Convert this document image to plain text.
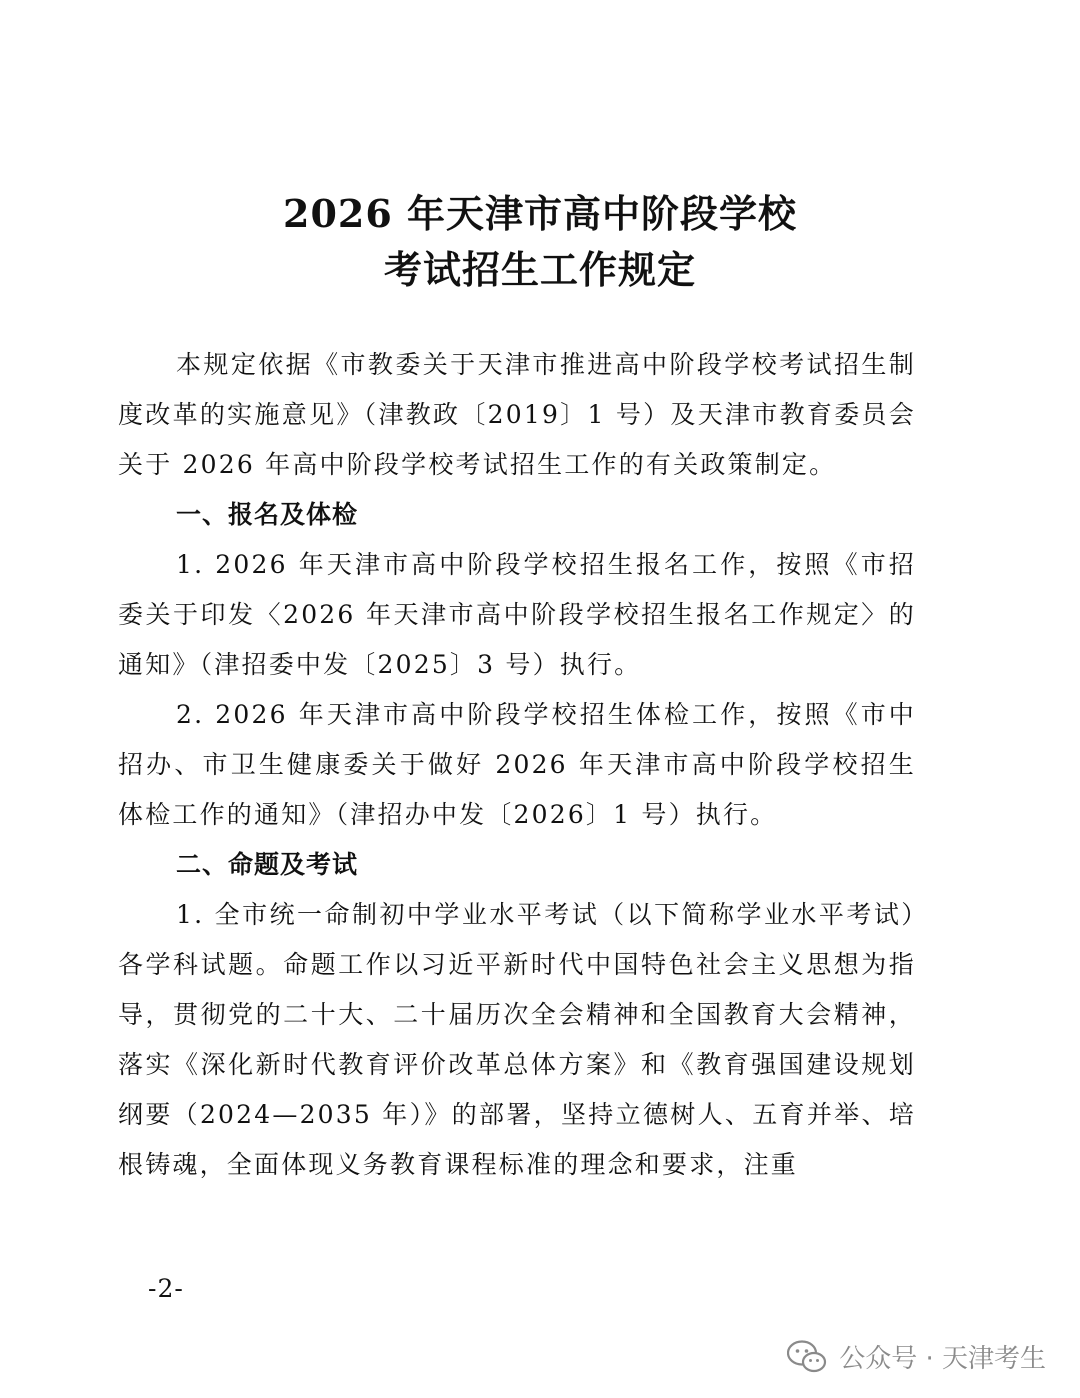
2026 年天津市高中阶段学校
考试招生工作规定

本规定依据《市教委关于天津市推进高中阶段学校考试招生制度改革的实施意见》（津教政〔2019〕1 号）及天津市教育委员会关于 2026 年高中阶段学校考试招生工作的有关政策制定。

一、报名及体检

1. 2026 年天津市高中阶段学校招生报名工作，按照《市招委关于印发〈2026 年天津市高中阶段学校招生报名工作规定〉的通知》（津招委中发〔2025〕3 号）执行。

2. 2026 年天津市高中阶段学校招生体检工作，按照《市中招办、市卫生健康委关于做好 2026 年天津市高中阶段学校招生体检工作的通知》（津招办中发〔2026〕1 号）执行。

二、命题及考试

1. 全市统一命制初中学业水平考试（以下简称学业水平考试）各学科试题。命题工作以习近平新时代中国特色社会主义思想为指导，贯彻党的二十大、二十届历次全会精神和全国教育大会精神，落实《深化新时代教育评价改革总体方案》和《教育强国建设规划纲要（2024—2035 年）》的部署，坚持立德树人、五育并举、培根铸魂，全面体现义务教育课程标准的理念和要求，注重

-2-
公众号 · 天津考生
